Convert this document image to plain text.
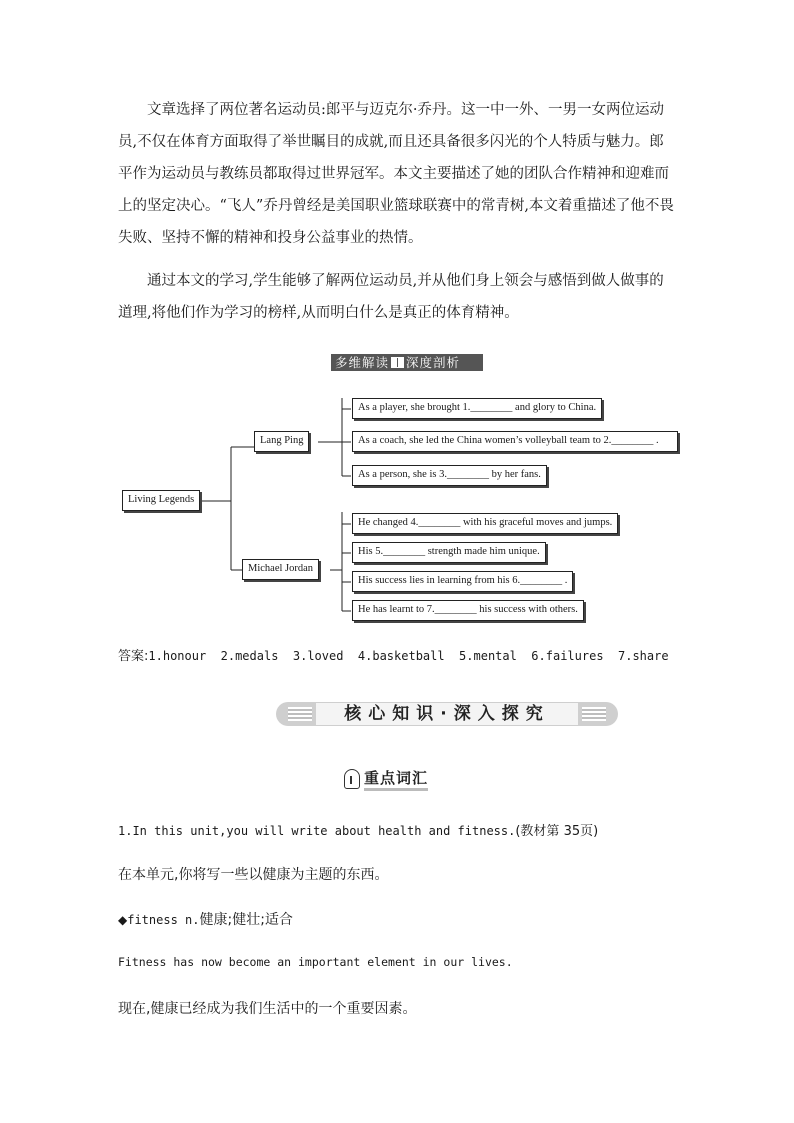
文章选择了两位著名运动员:郎平与迈克尔·乔丹。这一中一外、一男一女两位运动员,不仅在体育方面取得了举世瞩目的成就,而且还具备很多闪光的个人特质与魅力。郎平作为运动员与教练员都取得过世界冠军。本文主要描述了她的团队合作精神和迎难而上的坚定决心。“飞人”乔丹曾经是美国职业篮球联赛中的常青树,本文着重描述了他不畏失败、坚持不懈的精神和投身公益事业的热情。

通过本文的学习,学生能够了解两位运动员,并从他们身上领会与感悟到做人做事的道理,将他们作为学习的榜样,从而明白什么是真正的体育精神。

多维解读 深度剖析
Living Legends
Lang Ping
Michael Jordan
As a player, she brought 1.________ and glory to China.
As a coach, she led the China women’s volleyball team to 2.________ .
As a person, she is 3.________ by her fans.
He changed 4.________ with his graceful moves and jumps.
His 5.________ strength made him unique.
His success lies in learning from his 6.________ .
He has learnt to 7.________ his success with others.
答案:1.honour  2.medals  3.loved  4.basketball  5.mental  6.failures  7.share
核心知识·深入探究
重点词汇
1.In this unit,you will write about health and fitness.(教材第 35页)
在本单元,你将写一些以健康为主题的东西。
◆fitness n.健康;健壮;适合
Fitness has now become an important element in our lives.
现在,健康已经成为我们生活中的一个重要因素。
